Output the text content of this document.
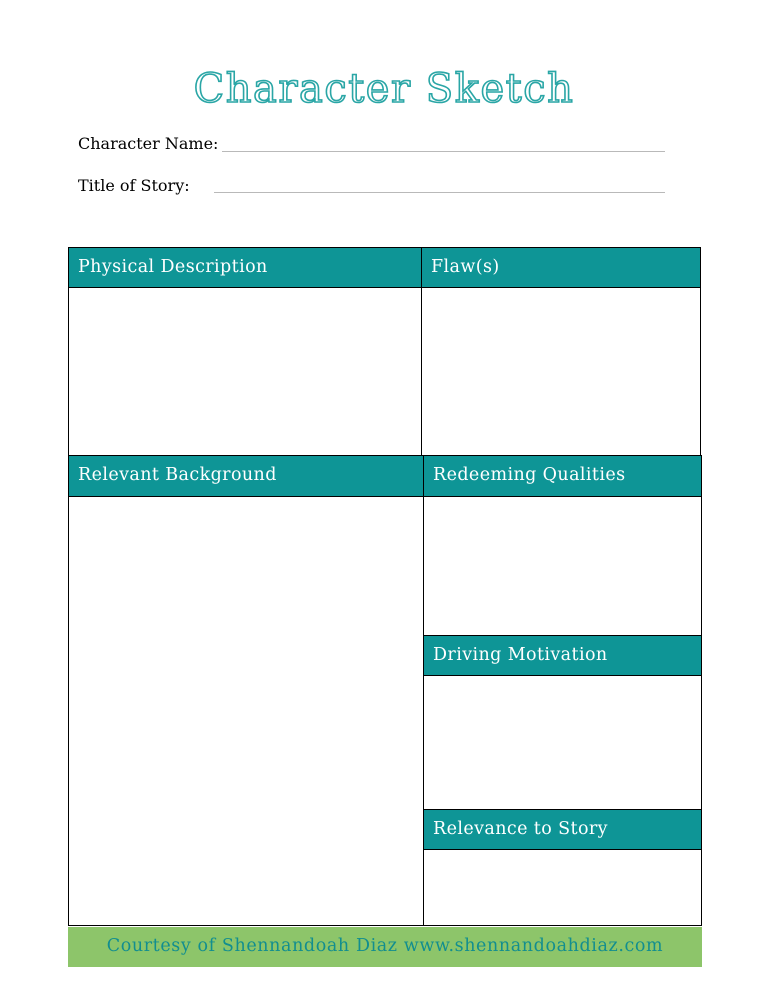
Character Sketch
Character Name:
Title of Story:
Physical Description	Flaw(s)
Relevant Background	Redeeming Qualities
Driving Motivation
Relevance to Story
Courtesy of Shennandoah Diaz www.shennandoahdiaz.com
